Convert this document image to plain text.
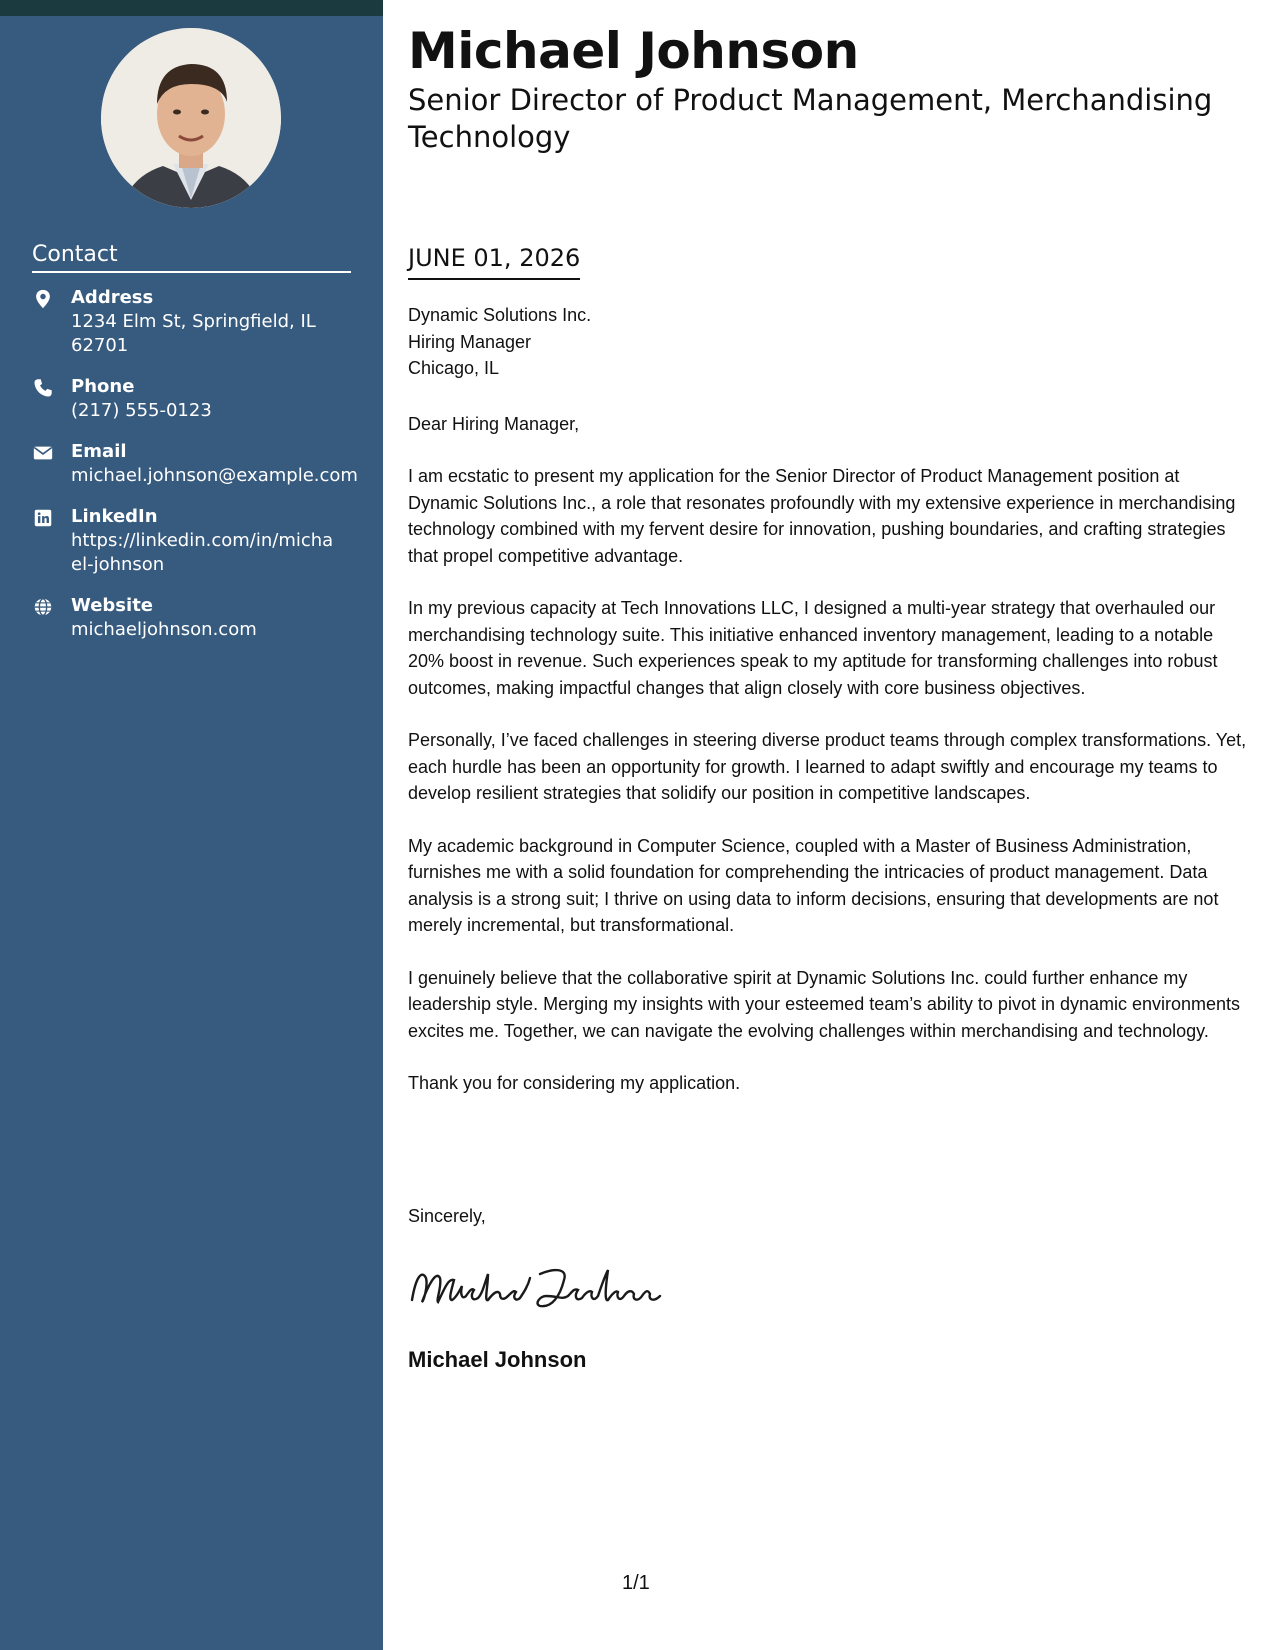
Contact
Address
1234 Elm St, Springfield, IL 62701
Phone
(217) 555-0123
Email
michael.johnson@example.com
LinkedIn
https://linkedin.com/in/michael-johnson
Website
michaeljohnson.com
Michael Johnson
Senior Director of Product Management, Merchandising Technology
JUNE 01, 2026
Dynamic Solutions Inc.
Hiring Manager
Chicago, IL
Dear Hiring Manager,

I am ecstatic to present my application for the Senior Director of Product Management position at Dynamic Solutions Inc., a role that resonates profoundly with my extensive experience in merchandising technology combined with my fervent desire for innovation, pushing boundaries, and crafting strategies that propel competitive advantage.

In my previous capacity at Tech Innovations LLC, I designed a multi-year strategy that overhauled our merchandising technology suite. This initiative enhanced inventory management, leading to a notable 20% boost in revenue. Such experiences speak to my aptitude for transforming challenges into robust outcomes, making impactful changes that align closely with core business objectives.

Personally, I’ve faced challenges in steering diverse product teams through complex transformations. Yet, each hurdle has been an opportunity for growth. I learned to adapt swiftly and encourage my teams to develop resilient strategies that solidify our position in competitive landscapes.

My academic background in Computer Science, coupled with a Master of Business Administration, furnishes me with a solid foundation for comprehending the intricacies of product management. Data analysis is a strong suit; I thrive on using data to inform decisions, ensuring that developments are not merely incremental, but transformational.

I genuinely believe that the collaborative spirit at Dynamic Solutions Inc. could further enhance my leadership style. Merging my insights with your esteemed team’s ability to pivot in dynamic environments excites me. Together, we can navigate the evolving challenges within merchandising and technology.

Thank you for considering my application.

Sincerely,
Michael Johnson
1/1
